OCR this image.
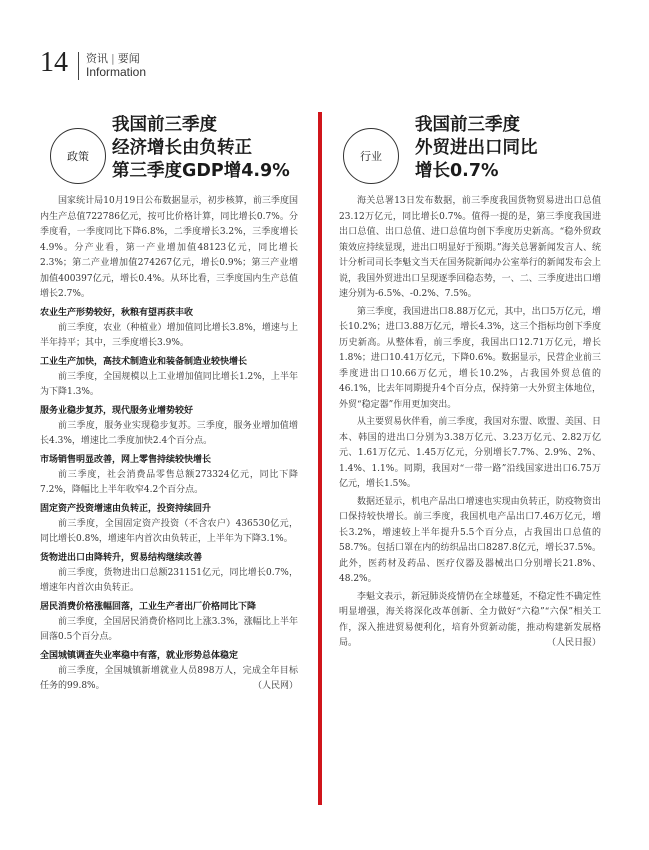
14 资讯 | 要闻
Information
政策
我国前三季度
经济增长由负转正
第三季度GDP增4.9%

国家统计局10月19日公布数据显示，初步核算，前三季度国内生产总值722786亿元，按可比价格计算，同比增长0.7%。分季度看，一季度同比下降6.8%，二季度增长3.2%，三季度增长4.9%。分产业看，第一产业增加值48123亿元，同比增长2.3%；第二产业增加值274267亿元，增长0.9%；第三产业增加值400397亿元，增长0.4%。从环比看，三季度国内生产总值增长2.7%。

农业生产形势较好，秋粮有望再获丰收

前三季度，农业（种植业）增加值同比增长3.8%，增速与上半年持平；其中，三季度增长3.9%。

工业生产加快，高技术制造业和装备制造业较快增长

前三季度，全国规模以上工业增加值同比增长1.2%，上半年为下降1.3%。

服务业稳步复苏，现代服务业增势较好

前三季度，服务业实现稳步复苏。三季度，服务业增加值增长4.3%，增速比二季度加快2.4个百分点。

市场销售明显改善，网上零售持续较快增长

前三季度，社会消费品零售总额273324亿元，同比下降7.2%，降幅比上半年收窄4.2个百分点。

固定资产投资增速由负转正，投资持续回升

前三季度，全国固定资产投资（不含农户）436530亿元，同比增长0.8%，增速年内首次由负转正，上半年为下降3.1%。

货物进出口由降转升，贸易结构继续改善

前三季度，货物进出口总额231151亿元，同比增长0.7%，增速年内首次由负转正。

居民消费价格涨幅回落，工业生产者出厂价格同比下降

前三季度，全国居民消费价格同比上涨3.3%，涨幅比上半年回落0.5个百分点。

全国城镇调查失业率稳中有落，就业形势总体稳定

前三季度，全国城镇新增就业人员898万人，完成全年目标任务的99.8%。	（人民网）

行业
我国前三季度
外贸进出口同比
增长0.7%

海关总署13日发布数据，前三季度我国货物贸易进出口总值23.12万亿元，同比增长0.7%。值得一提的是，第三季度我国进出口总值、出口总值、进口总值均创下季度历史新高。“稳外贸政策效应持续显现，进出口明显好于预期。”海关总署新闻发言人、统计分析司司长李魁文当天在国务院新闻办公室举行的新闻发布会上说，我国外贸进出口呈现逐季回稳态势，一、二、三季度进出口增速分别为-6.5%、-0.2%、7.5%。

第三季度，我国进出口8.88万亿元，其中，出口5万亿元，增长10.2%；进口3.88万亿元，增长4.3%，这三个指标均创下季度历史新高。从整体看，前三季度，我国出口12.71万亿元，增长1.8%；进口10.41万亿元，下降0.6%。数据显示，民营企业前三季度进出口10.66万亿元，增长10.2%，占我国外贸总值的46.1%，比去年同期提升4个百分点，保持第一大外贸主体地位，外贸“稳定器”作用更加突出。

从主要贸易伙伴看，前三季度，我国对东盟、欧盟、美国、日本、韩国的进出口分别为3.38万亿元、3.23万亿元、2.82万亿元、1.61万亿元、1.45万亿元，分别增长7.7%、2.9%、2%、1.4%、1.1%。同期，我国对“一带一路”沿线国家进出口6.75万亿元，增长1.5%。

数据还显示，机电产品出口增速也实现由负转正，防疫物资出口保持较快增长。前三季度，我国机电产品出口7.46万亿元，增长3.2%，增速较上半年提升5.5个百分点，占我国出口总值的58.7%。包括口罩在内的纺织品出口8287.8亿元，增长37.5%。此外，医药材及药品、医疗仪器及器械出口分别增长21.8%、48.2%。

李魁文表示，新冠肺炎疫情仍在全球蔓延，不稳定性不确定性明显增强，海关将深化改革创新、全力做好“六稳”“六保”相关工作，深入推进贸易便利化，培育外贸新动能，推动构建新发展格局。	（人民日报）
